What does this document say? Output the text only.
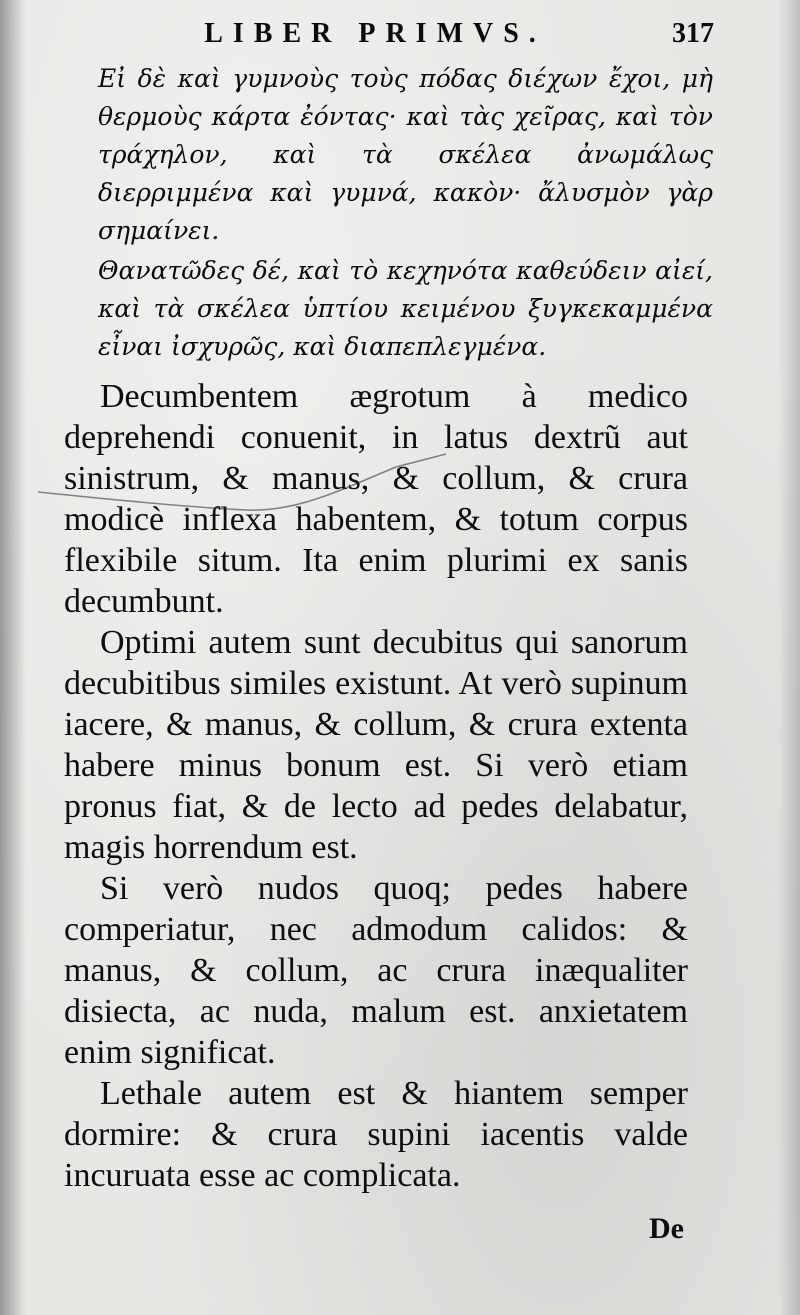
LIBER PRIMVS.	317

Εἰ δὲ καὶ γυμνοὺς τοὺς πόδας διέχων ἔχοι, μὴ θερμοὺς κάρτα ἐόντας· καὶ τὰς χεῖρας, καὶ τὸν τράχηλον, καὶ τὰ σκέλεα ἀνωμάλως διερριμμένα καὶ γυμνά, κακὸν· ἄλυσμὸν γὰρ σημαίνει.

Θανατῶδες δέ, καὶ τὸ κεχηνότα καθεύδειν αἰεί, καὶ τὰ σκέλεα ὑπτίου κειμένου ξυγκεκαμμένα εἶναι ἰσχυρῶς, καὶ διαπεπλεγμένα.

Decumbentem ægrotum à medico deprehendi conuenit, in latus dextrũ aut sinistrum, & manus, & collum, & crura modicè inflexa habentem, & totum corpus flexibile situm. Ita enim plurimi ex sanis decumbunt.

Optimi autem sunt decubitus qui sanorum decubitibus similes existunt. At verò supinum iacere, & manus, & collum, & crura extenta habere minus bonum est. Si verò etiam pronus fiat, & de lecto ad pedes delabatur, magis horrendum est.

Si verò nudos quoq; pedes habere comperiatur, nec admodum calidos: & manus, & collum, ac crura inæqualiter disiecta, ac nuda, malum est. anxietatem enim significat.

Lethale autem est & hiantem semper dormire: & crura supini iacentis valde incuruata esse ac complicata.

De
